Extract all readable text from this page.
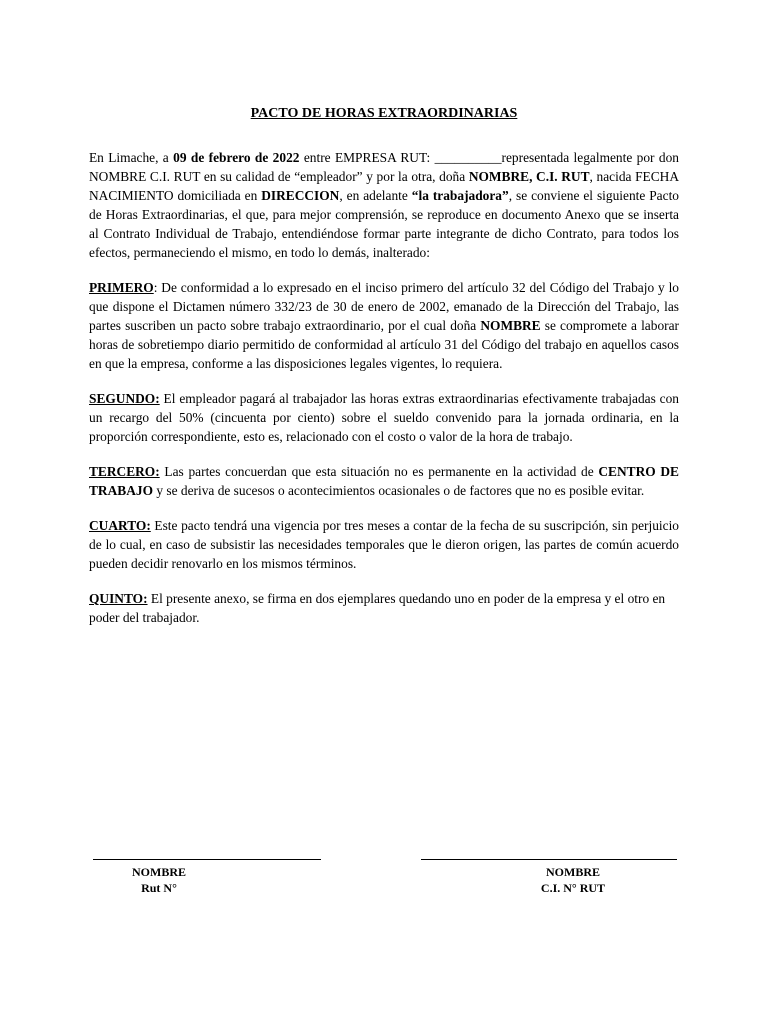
PACTO DE HORAS EXTRAORDINARIAS

En Limache, a 09 de febrero de 2022 entre EMPRESA RUT: __________representada legalmente por don NOMBRE C.I. RUT en su calidad de “empleador” y por la otra, doña NOMBRE, C.I. RUT, nacida FECHA NACIMIENTO domiciliada en DIRECCION, en adelante “la trabajadora”, se conviene el siguiente Pacto de Horas Extraordinarias, el que, para mejor comprensión, se reproduce en documento Anexo que se inserta al Contrato Individual de Trabajo, entendiéndose formar parte integrante de dicho Contrato, para todos los efectos, permaneciendo el mismo, en todo lo demás, inalterado:

PRIMERO: De conformidad a lo expresado en el inciso primero del artículo 32 del Código del Trabajo y lo que dispone el Dictamen número 332/23 de 30 de enero de 2002, emanado de la Dirección del Trabajo, las partes suscriben un pacto sobre trabajo extraordinario, por el cual doña NOMBRE se compromete a laborar horas de sobretiempo diario permitido de conformidad al artículo 31 del Código del trabajo en aquellos casos en que la empresa, conforme a las disposiciones legales vigentes, lo requiera.

SEGUNDO: El empleador pagará al trabajador las horas extras extraordinarias efectivamente trabajadas con un recargo del 50% (cincuenta por ciento) sobre el sueldo convenido para la jornada ordinaria, en la proporción correspondiente, esto es, relacionado con el costo o valor de la hora de trabajo.

TERCERO: Las partes concuerdan que esta situación no es permanente en la actividad de CENTRO DE TRABAJO y se deriva de sucesos o acontecimientos ocasionales o de factores que no es posible evitar.

CUARTO: Este pacto tendrá una vigencia por tres meses a contar de la fecha de su suscripción, sin perjuicio de lo cual, en caso de subsistir las necesidades temporales que le dieron origen, las partes de común acuerdo pueden decidir renovarlo en los mismos términos.

QUINTO: El presente anexo, se firma en dos ejemplares quedando uno en poder de la empresa y el otro en poder del trabajador.

NOMBRE
Rut N°
NOMBRE
C.I. N° RUT
